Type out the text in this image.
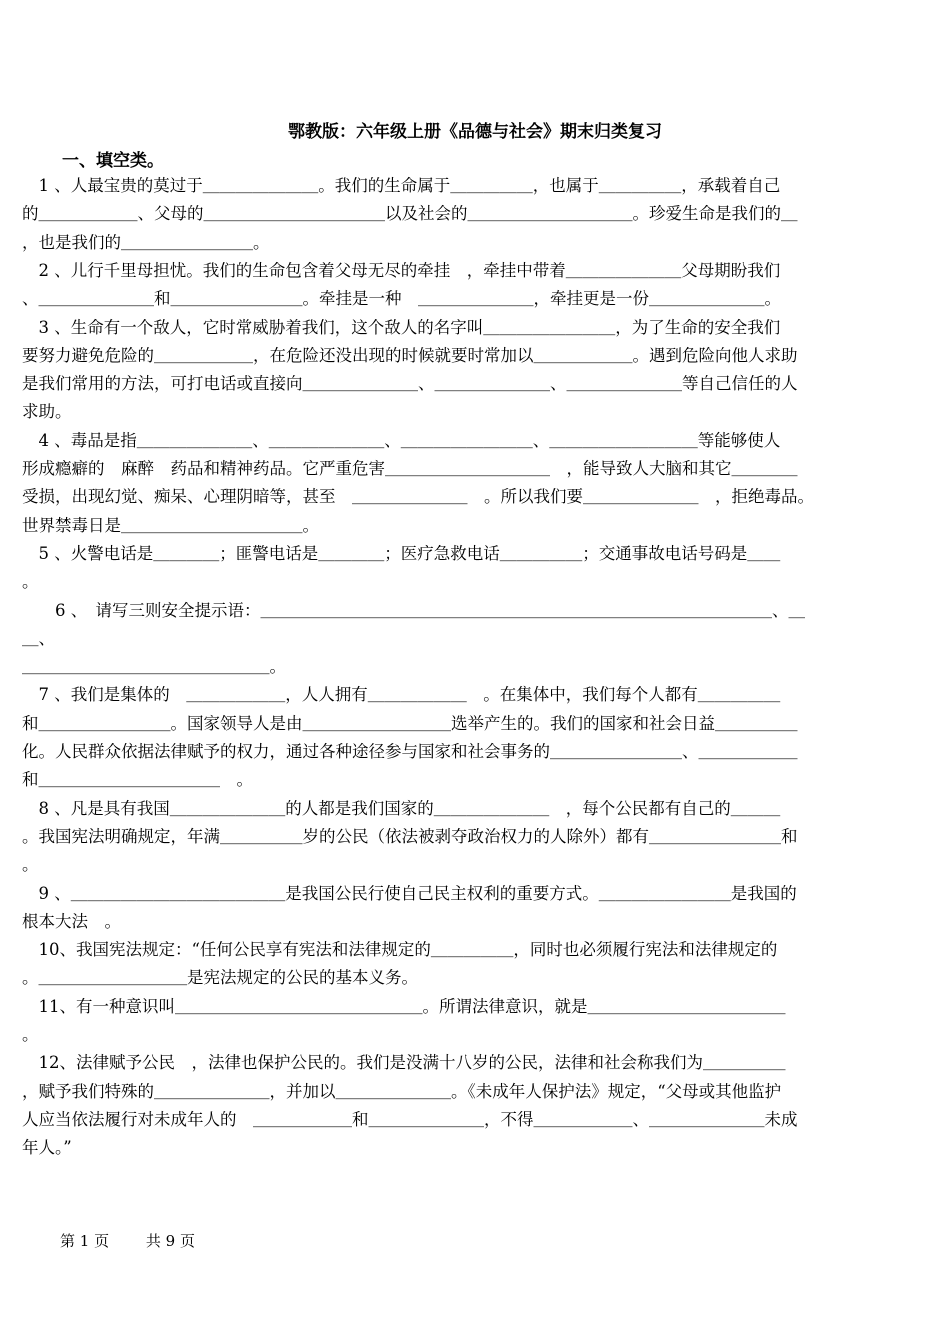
鄂教版：六年级上册《品德与社会》期末归类复习
一、填空类。
　1 、人最宝贵的莫过于＿＿＿＿＿＿＿。我们的生命属于＿＿＿＿＿，也属于＿＿＿＿＿，承载着自己
的＿＿＿＿＿＿、父母的＿＿＿＿＿＿＿＿＿＿＿以及社会的＿＿＿＿＿＿＿＿＿＿。珍爱生命是我们的＿
，也是我们的＿＿＿＿＿＿＿＿。
　2 、儿行千里母担忧。我们的生命包含着父母无尽的牵挂　，牵挂中带着＿＿＿＿＿＿＿父母期盼我们
、＿＿＿＿＿＿＿和＿＿＿＿＿＿＿＿。牵挂是一种　＿＿＿＿＿＿＿，牵挂更是一份＿＿＿＿＿＿＿。
　3 、生命有一个敌人，它时常威胁着我们，这个敌人的名字叫＿＿＿＿＿＿＿＿，为了生命的安全我们
要努力避免危险的＿＿＿＿＿＿，在危险还没出现的时候就要时常加以＿＿＿＿＿＿。遇到危险向他人求助
是我们常用的方法，可打电话或直接向＿＿＿＿＿＿＿、＿＿＿＿＿＿＿、＿＿＿＿＿＿＿等自己信任的人
求助。
　4 、毒品是指＿＿＿＿＿＿＿、＿＿＿＿＿＿＿、＿＿＿＿＿＿＿＿、＿＿＿＿＿＿＿＿＿等能够使人
形成瘾癖的　麻醉　药品和精神药品。它严重危害＿＿＿＿＿＿＿＿＿＿　，能导致人大脑和其它＿＿＿＿
受损，出现幻觉、痴呆、心理阴暗等，甚至　＿＿＿＿＿＿＿　。所以我们要＿＿＿＿＿＿＿　，拒绝毒品。
世界禁毒日是＿＿＿＿＿＿＿＿＿＿＿。
　5 、火警电话是＿＿＿＿；匪警电话是＿＿＿＿；医疗急救电话＿＿＿＿＿；交通事故电话号码是＿＿
。
　　6 、　请写三则安全提示语：＿＿＿＿＿＿＿＿＿＿＿＿＿＿＿＿＿＿＿＿＿＿＿＿＿＿＿＿＿＿＿、＿
＿、
＿＿＿＿＿＿＿＿＿＿＿＿＿＿＿。
　7 、我们是集体的　＿＿＿＿＿＿，人人拥有＿＿＿＿＿＿　。在集体中，我们每个人都有＿＿＿＿＿
和＿＿＿＿＿＿＿＿。国家领导人是由＿＿＿＿＿＿＿＿＿选举产生的。我们的国家和社会日益＿＿＿＿＿
化。人民群众依据法律赋予的权力，通过各种途径参与国家和社会事务的＿＿＿＿＿＿＿＿、＿＿＿＿＿＿
和＿＿＿＿＿＿＿＿＿＿＿　。
　8 、凡是具有我国＿＿＿＿＿＿＿的人都是我们国家的＿＿＿＿＿＿＿　，每个公民都有自己的＿＿＿
。我国宪法明确规定，年满＿＿＿＿＿岁的公民（依法被剥夺政治权力的人除外）都有＿＿＿＿＿＿＿＿和
。
　9 、＿＿＿＿＿＿＿＿＿＿＿＿＿是我国公民行使自己民主权利的重要方式。＿＿＿＿＿＿＿＿是我国的
根本大法　。
　10、我国宪法规定：“任何公民享有宪法和法律规定的＿＿＿＿＿，同时也必须履行宪法和法律规定的
。＿＿＿＿＿＿＿＿＿是宪法规定的公民的基本义务。
　11、有一种意识叫＿＿＿＿＿＿＿＿＿＿＿＿＿＿＿。所谓法律意识，就是＿＿＿＿＿＿＿＿＿＿＿＿
。
　12、法律赋予公民　，法律也保护公民的。我们是没满十八岁的公民，法律和社会称我们为＿＿＿＿＿
，赋予我们特殊的＿＿＿＿＿＿＿，并加以＿＿＿＿＿＿＿。《未成年人保护法》规定，“父母或其他监护
人应当依法履行对未成年人的　＿＿＿＿＿＿和＿＿＿＿＿＿＿，不得＿＿＿＿＿＿、＿＿＿＿＿＿＿未成
年人。”
第 1 页 共 9 页
